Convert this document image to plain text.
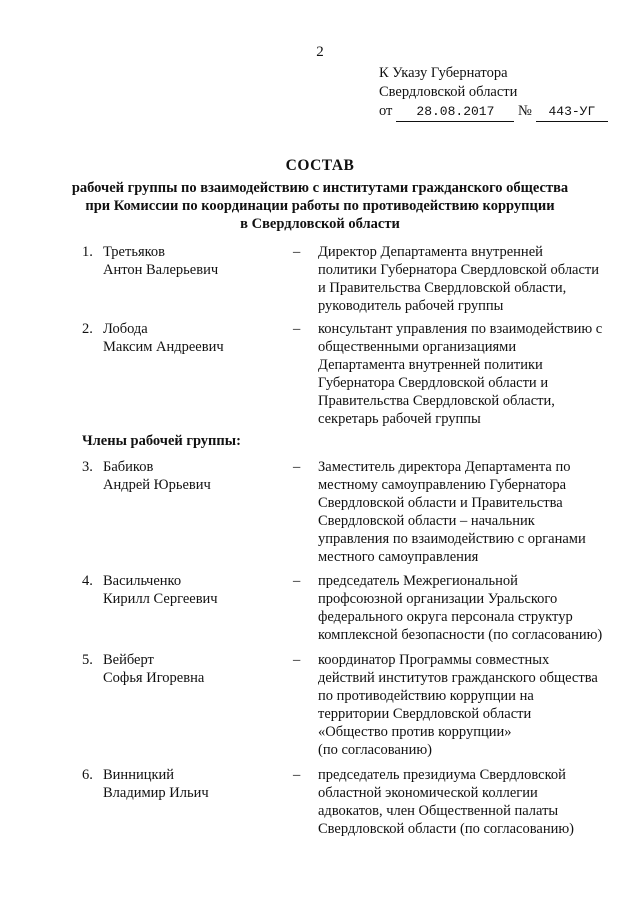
2
К Указу Губернатора
Свердловской области
от 28.08.2017 № 443-УГ
СОСТАВ
рабочей группы по взаимодействию с институтами гражданского общества
при Комиссии по координации работы по противодействию коррупции
в Свердловской области
1. Третьяков
Антон Валерьевич
– Директор Департамента внутренней
политики Губернатора Свердловской области
и Правительства Свердловской области,
руководитель рабочей группы
2. Лобода
Максим Андреевич
– консультант управления по взаимодействию с
общественными организациями
Департамента внутренней политики
Губернатора Свердловской области и
Правительства Свердловской области,
секретарь рабочей группы
Члены рабочей группы:
3. Бабиков
Андрей Юрьевич
– Заместитель директора Департамента по
местному самоуправлению Губернатора
Свердловской области и Правительства
Свердловской области – начальник
управления по взаимодействию с органами
местного самоуправления
4. Васильченко
Кирилл Сергеевич
– председатель Межрегиональной
профсоюзной организации Уральского
федерального округа персонала структур
комплексной безопасности (по согласованию)
5. Вейберт
Софья Игоревна
– координатор Программы совместных
действий институтов гражданского общества
по противодействию коррупции на
территории Свердловской области
«Общество против коррупции»
(по согласованию)
6. Винницкий
Владимир Ильич
– председатель президиума Свердловской
областной экономической коллегии
адвокатов, член Общественной палаты
Свердловской области (по согласованию)
